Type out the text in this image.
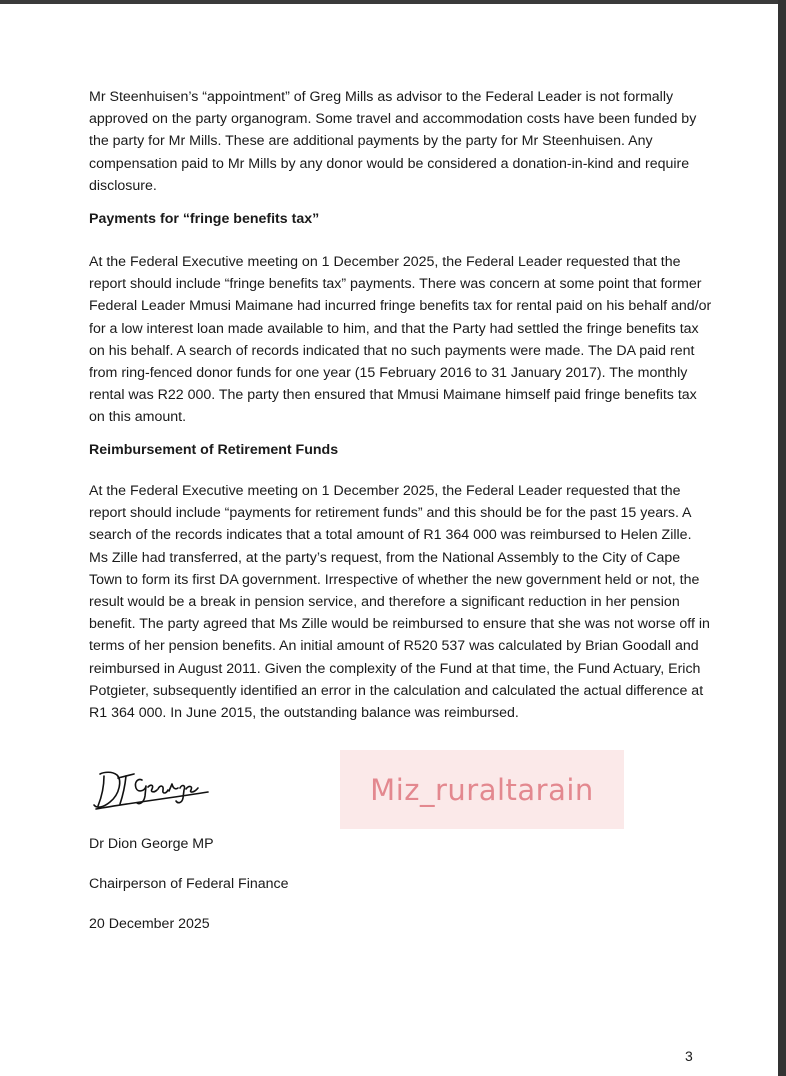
Mr Steenhuisen’s “appointment” of Greg Mills as advisor to the Federal Leader is not formally approved on the party organogram. Some travel and accommodation costs have been funded by the party for Mr Mills. These are additional payments by the party for Mr Steenhuisen. Any compensation paid to Mr Mills by any donor would be considered a donation-in-kind and require disclosure.

Payments for “fringe benefits tax”

At the Federal Executive meeting on 1 December 2025, the Federal Leader requested that the report should include “fringe benefits tax” payments. There was concern at some point that former Federal Leader Mmusi Maimane had incurred fringe benefits tax for rental paid on his behalf and/or for a low interest loan made available to him, and that the Party had settled the fringe benefits tax on his behalf. A search of records indicated that no such payments were made. The DA paid rent from ring-fenced donor funds for one year (15 February 2016 to 31 January 2017). The monthly rental was R22 000. The party then ensured that Mmusi Maimane himself paid fringe benefits tax on this amount.

Reimbursement of Retirement Funds

At the Federal Executive meeting on 1 December 2025, the Federal Leader requested that the report should include “payments for retirement funds” and this should be for the past 15 years. A search of the records indicates that a total amount of R1 364 000 was reimbursed to Helen Zille. Ms Zille had transferred, at the party’s request, from the National Assembly to the City of Cape Town to form its first DA government. Irrespective of whether the new government held or not, the result would be a break in pension service, and therefore a significant reduction in her pension benefit. The party agreed that Ms Zille would be reimbursed to ensure that she was not worse off in terms of her pension benefits. An initial amount of R520 537 was calculated by Brian Goodall and reimbursed in August 2011. Given the complexity of the Fund at that time, the Fund Actuary, Erich Potgieter, subsequently identified an error in the calculation and calculated the actual difference at R1 364 000. In June 2015, the outstanding balance was reimbursed.

Miz_ruraltarain

Dr Dion George MP

Chairperson of Federal Finance

20 December 2025

3
